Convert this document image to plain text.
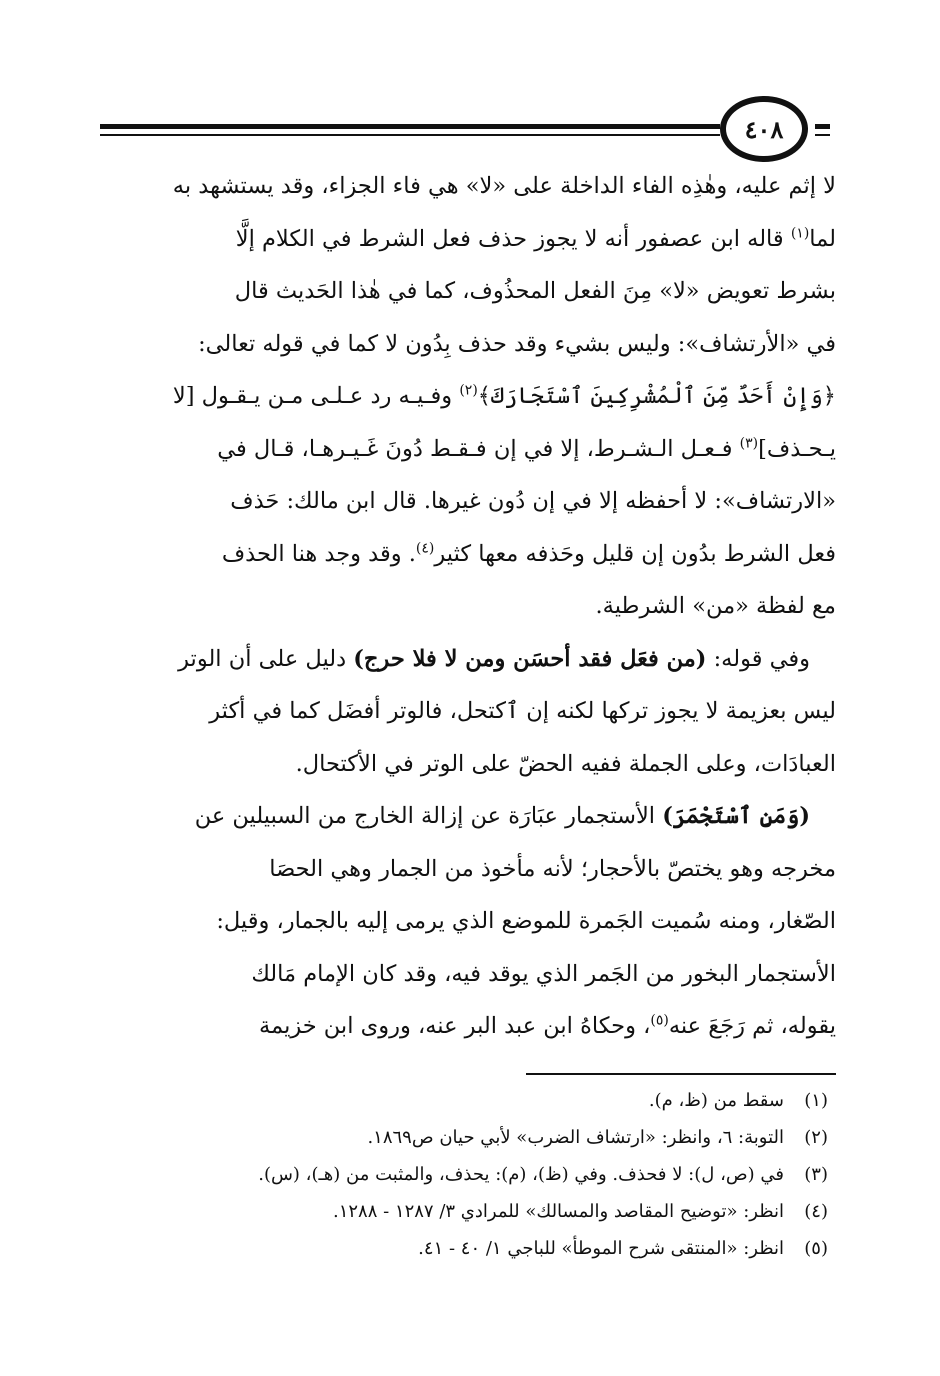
٤٠٨
لا إثم عليه، وهٰذِه الفاء الداخلة على «لا» هي فاء الجزاء، وقد يستشهد به
لما$^{(١)}$ قاله ابن عصفور أنه لا يجوز حذف فعل الشرط في الكلام إلَّا
بشرط تعويض «لا» مِنَ الفعل المحذُوف، كما في هٰذا الحَديث قال
في «الأرتشاف»: وليس بشيء وقد حذف بِدُون لا كما في قوله تعالى:
﴿وَإِنْ أَحَدٌ مِّنَ ٱلْمُشْرِكِينَ ٱسْتَجَارَكَ﴾$^{(٢)}$ وفـيـه رد عـلـى مـن يـقـول [لا
يـحـذف]$^{(٣)}$ فـعـل الـشـرط، إلا في إن فـقـط دُونَ غَـيـرهـا، قـال في
«الارتشاف»: لا أحفظه إلا في إن دُون غيرها. قال ابن مالك: حَذف
فعل الشرط بدُون إن قليل وحَذفه معها كثير$^{(٤)}$. وقد وجد هنا الحذف
مع لفظة «من» الشرطية.
وفي قوله: (من فعَل فقد أحسَن ومن لا فلا حرج) دليل على أن الوتر
ليس بعزيمة لا يجوز تركها لكنه إن ٱكتحل، فالوتر أفضَل كما في أكثر
العبادَات، وعلى الجملة ففيه الحضّ على الوتر في الأكتحال.
(وَمَنِ ٱسْتَجْمَرَ) الأستجمار عبَارَة عن إزالة الخارج من السبيلين عن
مخرجه وهو يختصّ بالأحجار؛ لأنه مأخوذ من الجمار وهي الحصَا
الصّغار، ومنه سُميت الجَمرة للموضع الذي يرمى إليه بالجمار، وقيل:
الأستجمار البخور من الجَمر الذي يوقد فيه، وقد كان الإمام مَالك
يقوله، ثم رَجَعَ عنه$^{(٥)}$، وحكاهُ ابن عبد البر عنه، وروى ابن خزيمة
(١)سقط من (ظ، م).
(٢)التوبة: ٦، وانظر: «ارتشاف الضرب» لأبي حيان ص١٨٦٩.
(٣)في (ص، ل): لا فحذف. وفي (ظ)، (م): يحذف، والمثبت من (هـ)، (س).
(٤)انظر: «توضيح المقاصد والمسالك» للمرادي ٣/ ١٢٨٧ - ١٢٨٨.
(٥)انظر: «المنتقى شرح الموطأ» للباجي ١/ ٤٠ - ٤١.
